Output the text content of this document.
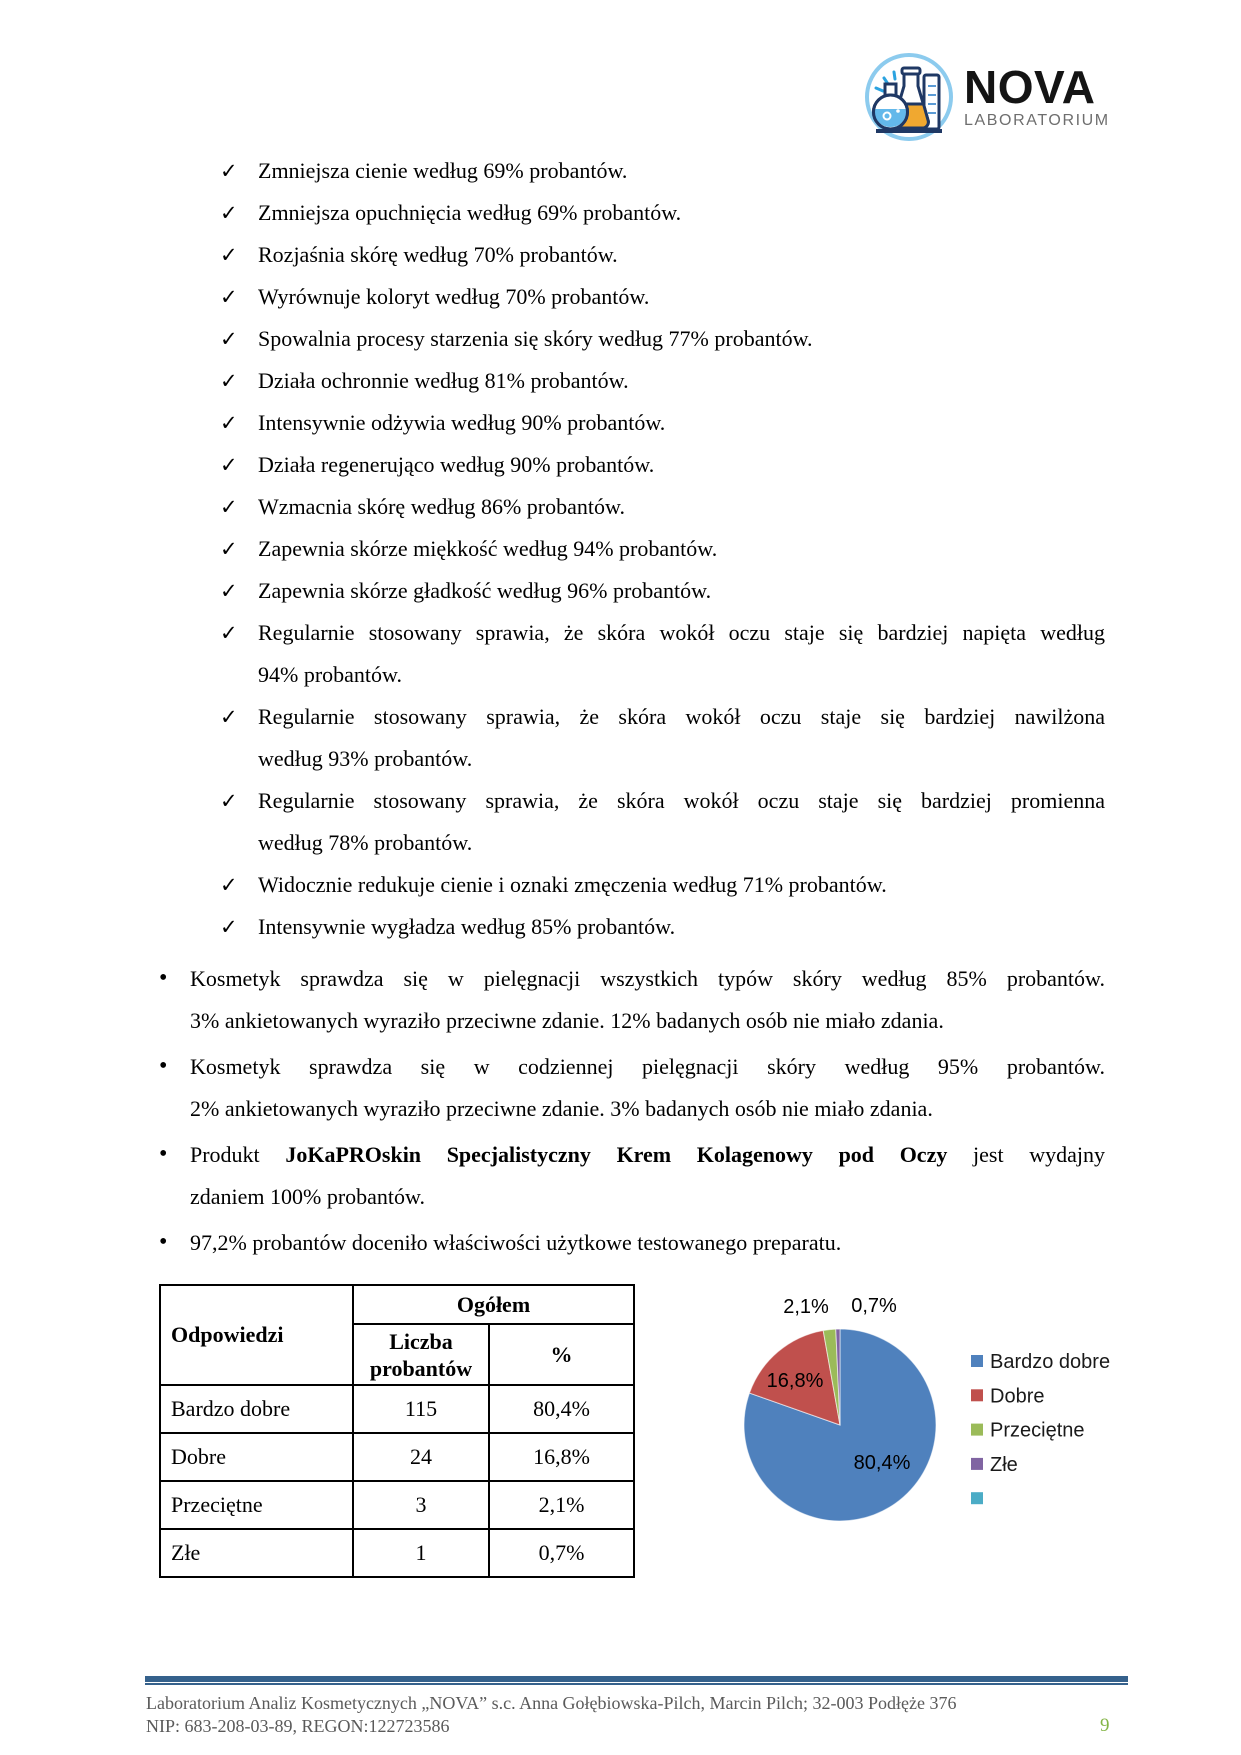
NOVA
LABORATORIUM
✓ Zmniejsza cienie według 69% probantów.
✓ Zmniejsza opuchnięcia według 69% probantów.
✓ Rozjaśnia skórę według 70% probantów.
✓ Wyrównuje koloryt według 70% probantów.
✓ Spowalnia procesy starzenia się skóry według 77% probantów.
✓ Działa ochronnie według 81% probantów.
✓ Intensywnie odżywia według 90% probantów.
✓ Działa regenerująco według 90% probantów.
✓ Wzmacnia skórę według 86% probantów.
✓ Zapewnia skórze miękkość według 94% probantów.
✓ Zapewnia skórze gładkość według 96% probantów.
✓ Regularnie stosowany sprawia, że skóra wokół oczu staje się bardziej napięta według
94% probantów.
✓ Regularnie stosowany sprawia, że skóra wokół oczu staje się bardziej nawilżona
według 93% probantów.
✓ Regularnie stosowany sprawia, że skóra wokół oczu staje się bardziej promienna
według 78% probantów.
✓ Widocznie redukuje cienie i oznaki zmęczenia według 71% probantów.
✓ Intensywnie wygładza według 85% probantów.
• Kosmetyk sprawdza się w pielęgnacji wszystkich typów skóry według 85% probantów.
3% ankietowanych wyraziło przeciwne zdanie. 12% badanych osób nie miało zdania.
• Kosmetyk sprawdza się w codziennej pielęgnacji skóry według 95% probantów.
2% ankietowanych wyraziło przeciwne zdanie. 3% badanych osób nie miało zdania.
• Produkt JoKaPROskin Specjalistyczny Krem Kolagenowy pod Oczy jest wydajny
zdaniem 100% probantów.
• 97,2% probantów doceniło właściwości użytkowe testowanego preparatu.
Odpowiedzi	Ogółem	
	Liczba probantów	%
Bardzo dobre	115	80,4%
Dobre	24	16,8%
Przeciętne	3	2,1%
Złe	1	0,7%
80,4%
16,8%
2,1% 0,7%
Bardzo dobre
Dobre
Przeciętne
Złe
Laboratorium Analiz Kosmetycznych „NOVA” s.c. Anna Gołębiowska-Pilch, Marcin Pilch; 32-003 Podłęże 376
NIP: 683-208-03-89, REGON:122723586	9
